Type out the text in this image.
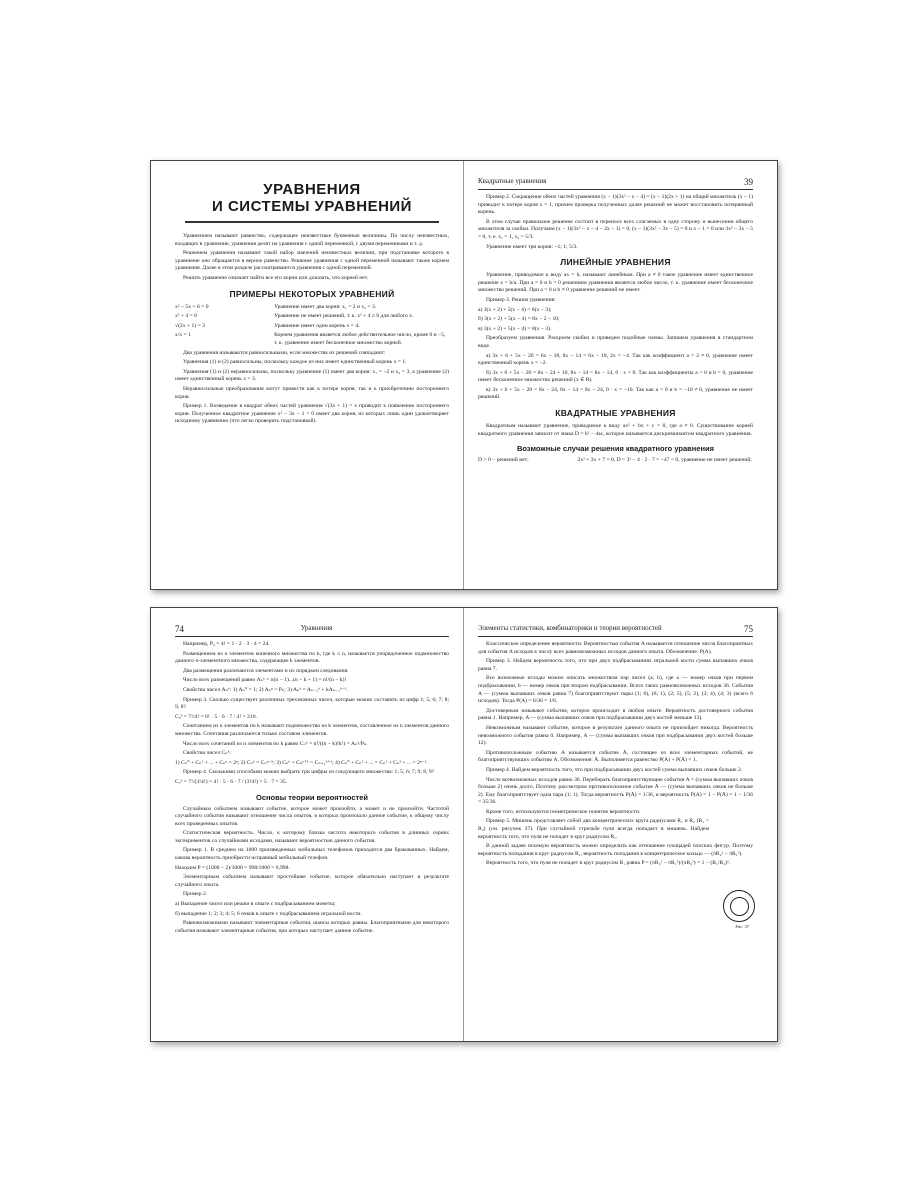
УРАВНЕНИЯ
И СИСТЕМЫ УРАВНЕНИЙ

Уравнением называют равенство, содержащее неизвестные буквенные величины. По числу неизвестных, входящих в уравнение, уравнения делят на уравнения с одной переменной, с двумя переменными и т. д.

Решением уравнения называют такой набор значений неизвестных величин, при подстановке которого в уравнение оно обращается в верное равенство. Решение уравнения с одной переменной называют также корнем уравнения. Далее в этом разделе рассматриваются уравнения с одной переменной.

Решить уравнение означает найти все его корни или доказать, что корней нет.

ПРИМЕРЫ НЕКОТОРЫХ УРАВНЕНИЙ
x² − 5x + 6 = 0	Уравнение имеет два корня: x₁ = 2 и x₂ = 3.
x² + 4 = 0	Уравнение не имеет решений, т. к. x² + 4 ≥ 0 для любого x.
√(2x + 1) = 3	Уравнение имеет один корень x = 4.
x/x = 1	Корнем уравнения является любое действительное число, кроме 0 и −5, т. к. уравнение имеет бесконечное множество корней.

Два уравнения называются равносильными, если множества их решений совпадают:

Уравнения (1) и (2) равносильны, поскольку каждое из них имеет единственный корень x = 1.

Уравнения (1) и (2) неравносильны, поскольку уравнение (1) имеет два корня: x₁ = −2 и x₂ = 3, а уравнение (2) имеет единственный корень x = 3.

Неравносильные преобразования могут привести как к потере корня, так и к приобретению постороннего корня.

Пример 1. Возведение в квадрат обеих частей уравнения √(3x + 1) = x приводит к появлению постороннего корня. Полученное квадратное уравнение x² − 3x − 1 = 0 имеет два корня, из которых лишь один удовлетворяет исходному уравнению (что легко проверить подстановкой).

Квадратные уравнения	39

Пример 2. Сокращение обеих частей уравнения (x − 1)(3x² − x − 4) = (x − 1)(2x + 1) на общий множитель (x − 1) приводит к потере корня x = 1, причем проверка полученных далее решений не может восстановить потерянный корень.

В этом случае правильное решение состоит в переносе всех слагаемых в одну сторону и вынесении общего множителя за скобки. Получаем (x − 1)(3x² − x − 4 − 2x − 1) = 0, (x − 1)(3x² − 3x − 5) = 0 и x − 1 = 0 или 3x² − 3x − 5 = 0, т. е. x₁ = 1, x₂ = 5/3.

Уравнение имеет три корня: −1; 1; 5/3.

ЛИНЕЙНЫЕ УРАВНЕНИЯ

Уравнение, приводимое к виду ax = b, называют линейным. При a ≠ 0 такое уравнение имеет единственное решение x = b/a. При a = 0 и b = 0 решением уравнения является любое число, т. к. уравнение имеет бесконечное множество решений. При a = 0 и b ≠ 0 уравнение решений не имеет.

Пример 3. Решим уравнения:

а) 3(x + 2) + 5(x − 4) = 6(x − 3);
б) 3(x + 2) + 5(x − 4) = 8x − 2 − 10;
в) 3(x + 2) + 5(x − 4) = 8(x − 3).

Преобразуем уравнения. Раскроем скобки и приведем подобные члены. Запишем уравнения в стандартном виде.

а) 3x + 6 + 5x − 20 = 6x − 18, 8x − 14 = 6x − 18, 2x = −4. Так как коэффициент a = 2 ≠ 0, уравнение имеет единственный корень x = −2.

б) 3x + 6 + 5x − 20 = 8x − 24 + 10, 8x − 14 = 8x − 14, 0 · x = 0. Так как коэффициенты a = 0 и b = 0, уравнение имеет бесконечное множество решений (x ∈ R).

в) 3x + 6 + 5x − 20 = 8x − 24, 8x − 14 = 8x − 24, 0 · x = −10. Так как a = 0 и b = −10 ≠ 0, уравнение не имеет решений.

КВАДРАТНЫЕ УРАВНЕНИЯ

Квадратным называют уравнение, приводимое к виду ax² + bx + c = 0, где a ≠ 0. Существование корней квадратного уравнения зависит от знака D = b² − 4ac, которое называется дискриминантом квадратного уравнения.

Возможные случаи решения квадратного уравнения
D > 0 − решений нет;	2x² + 3x + 7 = 0, D = 3² − 4 · 2 · 7 = −47 < 0, уравнение не имеет решений;
74	Уравнения

Например, P₄ = 4! = 1 · 2 · 3 · 4 = 24.

Размещением из n элементов конечного множества по k, где k ≤ n, называется упорядоченное подмножество данного n-элементного множества, содержащее k элементов.

Два размещения различаются элементами и их порядком следования.

Число всех размещений равно Aₙᵏ = n(n − 1)...(n − k + 1) = n!/(n − k)!

Свойства чисел Aₙᵏ: 1) Aₙ⁰ = 1; 2) Aₙⁿ = Pₙ; 3) Aₙᵏ = Aₙ₋₁ᵏ + kAₙ₋₁ᵏ⁻¹.

Пример 3. Сколько существует различных трехзначных чисел, которые можно составить из цифр 1; 5; 6; 7; 8; 9, 8?

C₆³ = 7!/4! = 6! · 5 · 6 · 7 / 4! = 210.

Сочетанием из n элементов по k называют подмножество из k элементов, составленное из n элементов данного множества. Сочетания различаются только составом элементов.

Число всех сочетаний из n элементов по k равно Cₙᵏ = n!/((n − k)!k!) = Aₙᵏ/Pₖ.

Свойства чисел Cₙᵏ:

1) Cₙ⁰ + Cₙ¹ + ... + Cₙⁿ = 2ⁿ; 2) Cₙᵏ = Cₙⁿ⁻ᵏ; 3) Cₙᵏ + Cₙᵏ⁺¹ = Cₙ₊₁ᵏ⁺¹; 4) Cₙ⁰ + Cₙ² + ... = Cₙ¹ + Cₙ³ + ... = 2ⁿ⁻¹.

Пример 4. Сколькими способами можно выбрать три цифры из следующего множества: 1; 5; 6; 7; 9; 8, 9?

C₇³ = 7!/(3!4!) = 4! · 5 · 6 · 7 / (3!4!) = 5 · 7 = 35.
Основы теории вероятностей

Случайным событием называют событие, которое может произойти, а может и не произойти. Частотой случайного события называют отношение числа опытов, в которых произошло данное событие, к общему числу всех проведенных опытов.

Статистическая вероятность. Число, к которому близка частота некоторого события в длинных сериях экспериментов со случайными исходами, называют вероятностью данного события.

Пример 1. В среднем на 1000 произведенных мобильных телефонов приходится два бракованных. Найдем, какова вероятность приобрести исправный мобильный телефон.

Находим P = (1000 − 2)/1000 = 998/1000 = 0,998.

Элементарным событием называют простейшее событие, которое обязательно наступает в результате случайного опыта.

Пример 2.

а) Выпадение чисел или решки в опыте с подбрасыванием монеты;
б) выпадение 1; 2; 3; 4; 5; 6 очков в опыте с подбрасыванием игральной кости.

Равновозможными называют элементарные события, шансы которых равны. Благоприятными для некоторого события называют элементарные события, при которых наступает данное событие.

Элементы статистики, комбинаторики и теории вероятностей	75

Классическое определение вероятности. Вероятностью события A называется отношение числа благоприятных для события A исходов к числу всех равновозможных исходов данного опыта. Обозначение: P(A).

Пример 3. Найдем вероятность того, что при двух подбрасываниях игральной кости сумма выпавших очков равна 7.

Все возможные исходы можно описать множеством пар чисел (a; b), где a — номер очков при первом подбрасывании, b — номер очков при втором подбрасывании. Всего таких равновозможных исходов 36. События A — (сумма выпавших очков равна 7) благоприятствуют пары (1; 6), (6; 1), (2; 5), (5; 2), (3; 4), (4; 3) (всего 6 исходов). Тогда P(A) = 6/36 = 1/6.

Достоверным называют событие, которое происходит в любом опыте. Вероятность достоверного события равна 1. Например, A — (сумма выпавших очков при подбрасывании двух костей меньше 13).

Невозможным называют событие, которое в результате данного опыта не произойдет никогда. Вероятность невозможного события равна 0. Например, A — (сумма выпавших очков при подбрасывании двух костей больше 12).

Противоположным событию A называется событие Ā, состоящее из всех элементарных событий, не благоприятствующих событию A. Обозначение: Ā. Выполняется равенство P(A) + P(Ā) = 1.

Пример 4. Найдем вероятность того, что при подбрасывании двух костей сумма выпавших очков больше 2.

Число всевозможных исходов равно 36. Перебирать благоприятствующие события A = (сумма выпавших очков больше 2) очень долго. Поэтому рассмотрим противоположное событие Ā — (сумма выпавших очков не больше 2). Ему благоприятствует одна пара (1; 1). Тогда вероятность P(Ā) = 1/36, и вероятность P(A) = 1 − P(Ā) = 1 − 1/36 = 35/36.

Кроме того, используются геометрическое понятие вероятности.

Пример 5. Мишень представляет собой два концентрических круга радиусами R₁ и R₂ (R₁ < R₂) (см. рисунок 37). При случайной стрельбе пуля всегда попадает в мишень. Найдем вероятность того, что пуля не попадет в круг радиусом R₁.

В данной задаче искомую вероятность можно определить как отношение площадей плоских фигур. Поэтому вероятность попадания в круг радиусом R₁, вероятность попадания в концентрическое кольцо — (πR₂² − πR₁²).

Вероятность того, что пуля не попадет в круг радиусом R₁ равна P = (πR₂² − πR₁²)/(πR₂²) = 1 − (R₁/R₂)².

Рис. 37
